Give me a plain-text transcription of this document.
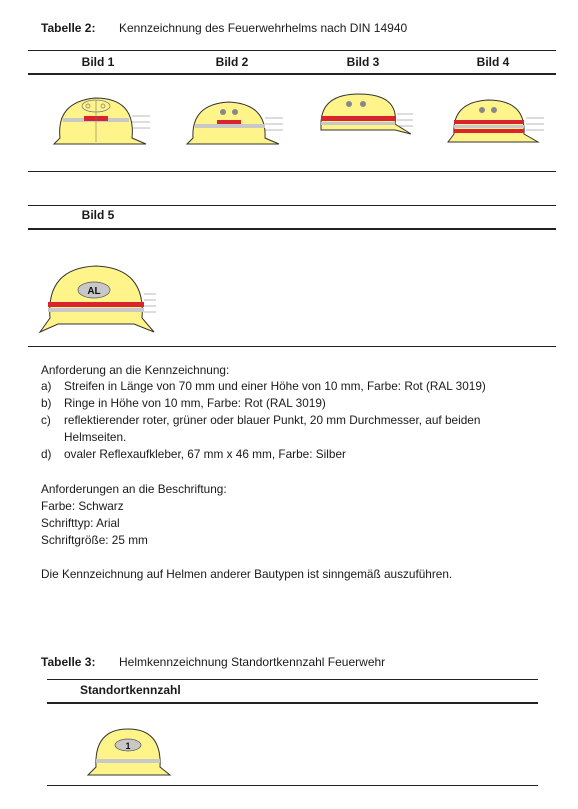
Tabelle 2: Kennzeichnung des Feuerwehrhelms nach DIN 14940
Bild 1	Bild 2	Bild 3	Bild 4
Bild 5
AL
Anforderung an die Kennzeichnung:
a) Streifen in Länge von 70 mm und einer Höhe von 10 mm, Farbe: Rot (RAL 3019)
b) Ringe in Höhe von 10 mm, Farbe: Rot (RAL 3019)
c) reflektierender roter, grüner oder blauer Punkt, 20 mm Durchmesser, auf beiden
Helmseiten.
d) ovaler Reflexaufkleber, 67 mm x 46 mm, Farbe: Silber
Anforderungen an die Beschriftung:
Farbe: Schwarz
Schrifttyp: Arial
Schriftgröße: 25 mm
Die Kennzeichnung auf Helmen anderer Bautypen ist sinngemäß auszuführen.
Tabelle 3: Helmkennzeichnung Standortkennzahl Feuerwehr
Standortkennzahl
1
